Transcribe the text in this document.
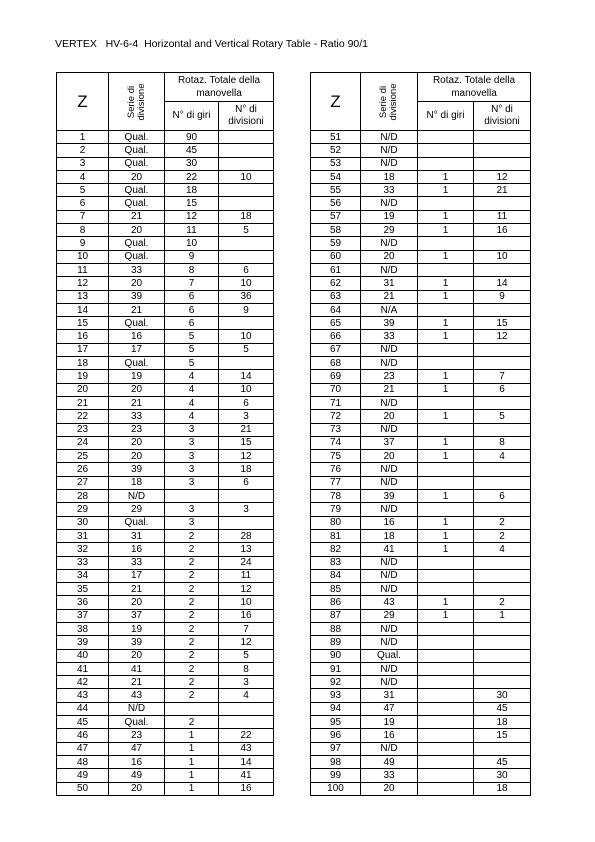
VERTEX   HV-6-4  Horizontal and Vertical Rotary Table - Ratio 90/1
Z	Serie di
divisione	Rotaz. Totale della manovella	
		N° di giri	N° di divisioni
1	Qual.	90	
2	Qual.	45	
3	Qual.	30	
4	20	22	10
5	Qual.	18	
6	Qual.	15	
7	21	12	18
8	20	11	5
9	Qual.	10	
10	Qual.	9	
11	33	8	6
12	20	7	10
13	39	6	36
14	21	6	9
15	Qual.	6	
16	16	5	10
17	17	5	5
18	Qual.	5	
19	19	4	14
20	20	4	10
21	21	4	6
22	33	4	3
23	23	3	21
24	20	3	15
25	20	3	12
26	39	3	18
27	18	3	6
28	N/D		
29	29	3	3
30	Qual.	3	
31	31	2	28
32	16	2	13
33	33	2	24
34	17	2	11
35	21	2	12
36	20	2	10
37	37	2	16
38	19	2	7
39	39	2	12
40	20	2	5
41	41	2	8
42	21	2	3
43	43	2	4
44	N/D		
45	Qual.	2	
46	23	1	22
47	47	1	43
48	16	1	14
49	49	1	41
50	20	1	16
Z	Serie di
divisione	Rotaz. Totale della manovella	
		N° di giri	N° di divisioni
51	N/D		
52	N/D		
53	N/D		
54	18	1	12
55	33	1	21
56	N/D		
57	19	1	11
58	29	1	16
59	N/D		
60	20	1	10
61	N/D		
62	31	1	14
63	21	1	9
64	N/A		
65	39	1	15
66	33	1	12
67	N/D		
68	N/D		
69	23	1	7
70	21	1	6
71	N/D		
72	20	1	5
73	N/D		
74	37	1	8
75	20	1	4
76	N/D		
77	N/D		
78	39	1	6
79	N/D		
80	16	1	2
81	18	1	2
82	41	1	4
83	N/D		
84	N/D		
85	N/D		
86	43	1	2
87	29	1	1
88	N/D		
89	N/D		
90	Qual.		
91	N/D		
92	N/D		
93	31		30
94	47		45
95	19		18
96	16		15
97	N/D		
98	49		45
99	33		30
100	20		18
